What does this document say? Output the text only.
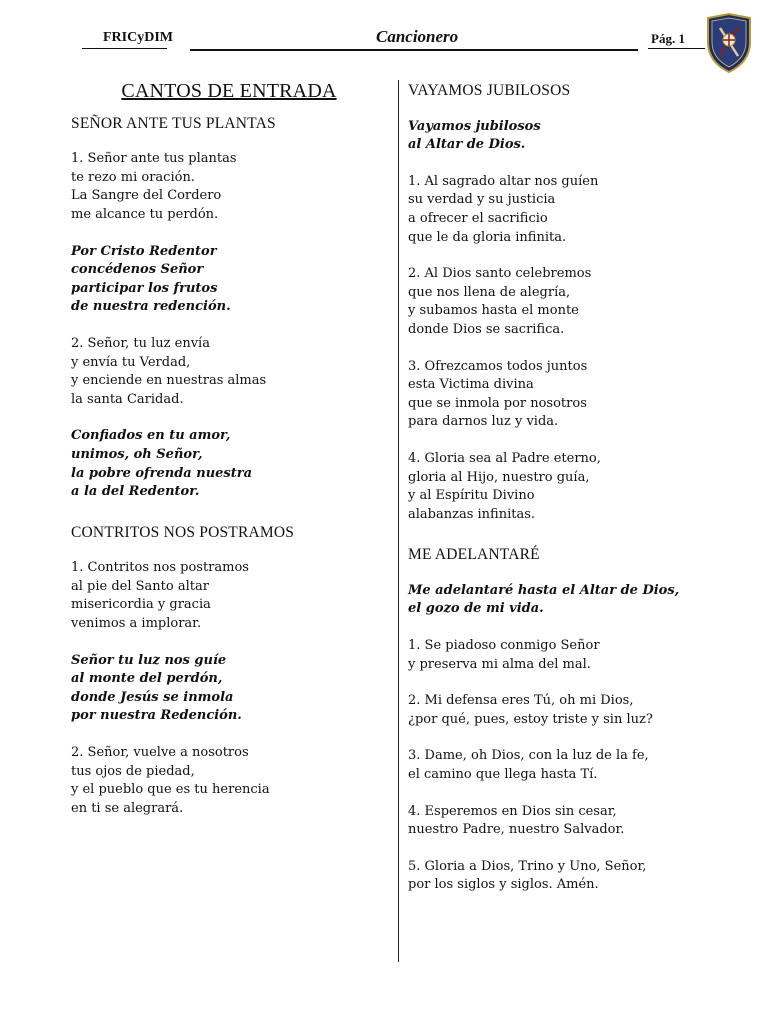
FRICyDIM	Cancionero	Pág. 1
CANTOS DE ENTRADA
SEÑOR ANTE TUS PLANTAS
1. Señor ante tus plantas
te rezo mi oración.
La Sangre del Cordero
me alcance tu perdón.
Por Cristo Redentor
concédenos Señor
participar los frutos
de nuestra redención.
2. Señor, tu luz envía
y envía tu Verdad,
y enciende en nuestras almas
la santa Caridad.
Confiados en tu amor,
unimos, oh Señor,
la pobre ofrenda nuestra
a la del Redentor.
CONTRITOS NOS POSTRAMOS
1. Contritos nos postramos
al pie del Santo altar
misericordia y gracia
venimos a implorar.
Señor tu luz nos guíe
al monte del perdón,
donde Jesús se inmola
por nuestra Redención.
2. Señor, vuelve a nosotros
tus ojos de piedad,
y el pueblo que es tu herencia
en ti se alegrará.
VAYAMOS JUBILOSOS
Vayamos jubilosos
al Altar de Dios.
1. Al sagrado altar nos guíen
su verdad y su justicia
a ofrecer el sacrificio
que le da gloria infinita.
2. Al Dios santo celebremos
que nos llena de alegría,
y subamos hasta el monte
donde Dios se sacrifica.
3. Ofrezcamos todos juntos
esta Victima divina
que se inmola por nosotros
para darnos luz y vida.
4. Gloria sea al Padre eterno,
gloria al Hijo, nuestro guía,
y al Espíritu Divino
alabanzas infinitas.
ME ADELANTARÉ
Me adelantaré hasta el Altar de Dios,
el gozo de mi vida.
1. Se piadoso conmigo Señor
y preserva mi alma del mal.
2. Mi defensa eres Tú, oh mi Dios,
¿por qué, pues, estoy triste y sin luz?
3. Dame, oh Dios, con la luz de la fe,
el camino que llega hasta Tí.
4. Esperemos en Dios sin cesar,
nuestro Padre, nuestro Salvador.
5. Gloria a Dios, Trino y Uno, Señor,
por los siglos y siglos. Amén.
